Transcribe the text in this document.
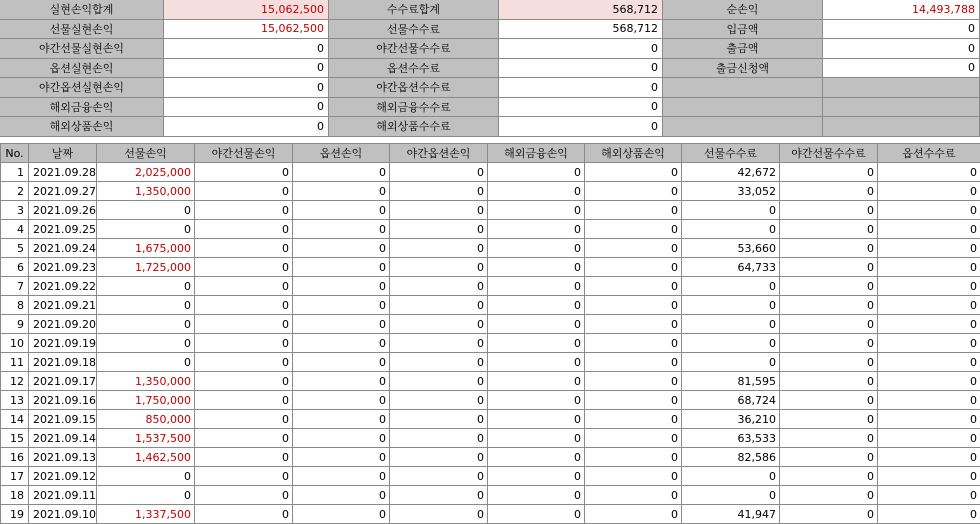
실현손익합계	15,062,500	수수료합계	568,712	순손익	14,493,788
선물실현손익	15,062,500	선물수수료	568,712	입금액	0
야간선물실현손익	0	야간선물수수료	0	출금액	0
옵션실현손익	0	옵션수수료	0	출금신청액	0
야간옵션실현손익	0	야간옵션수수료	0
해외금융손익	0	해외금융수수료	0
해외상품손익	0	해외상품수수료	0
No.	날짜	선물손익	야간선물손익	옵션손익	야간옵션손익	해외금융손익	해외상품손익	선물수수료	야간선물수수료	옵션수수료
1	2021.09.28	2,025,000	0	0	0	0	0	42,672	0	0
2	2021.09.27	1,350,000	0	0	0	0	0	33,052	0	0
3	2021.09.26	0	0	0	0	0	0	0	0	0
4	2021.09.25	0	0	0	0	0	0	0	0	0
5	2021.09.24	1,675,000	0	0	0	0	0	53,660	0	0
6	2021.09.23	1,725,000	0	0	0	0	0	64,733	0	0
7	2021.09.22	0	0	0	0	0	0	0	0	0
8	2021.09.21	0	0	0	0	0	0	0	0	0
9	2021.09.20	0	0	0	0	0	0	0	0	0
10	2021.09.19	0	0	0	0	0	0	0	0	0
11	2021.09.18	0	0	0	0	0	0	0	0	0
12	2021.09.17	1,350,000	0	0	0	0	0	81,595	0	0
13	2021.09.16	1,750,000	0	0	0	0	0	68,724	0	0
14	2021.09.15	850,000	0	0	0	0	0	36,210	0	0
15	2021.09.14	1,537,500	0	0	0	0	0	63,533	0	0
16	2021.09.13	1,462,500	0	0	0	0	0	82,586	0	0
17	2021.09.12	0	0	0	0	0	0	0	0	0
18	2021.09.11	0	0	0	0	0	0	0	0	0
19	2021.09.10	1,337,500	0	0	0	0	0	41,947	0	0
